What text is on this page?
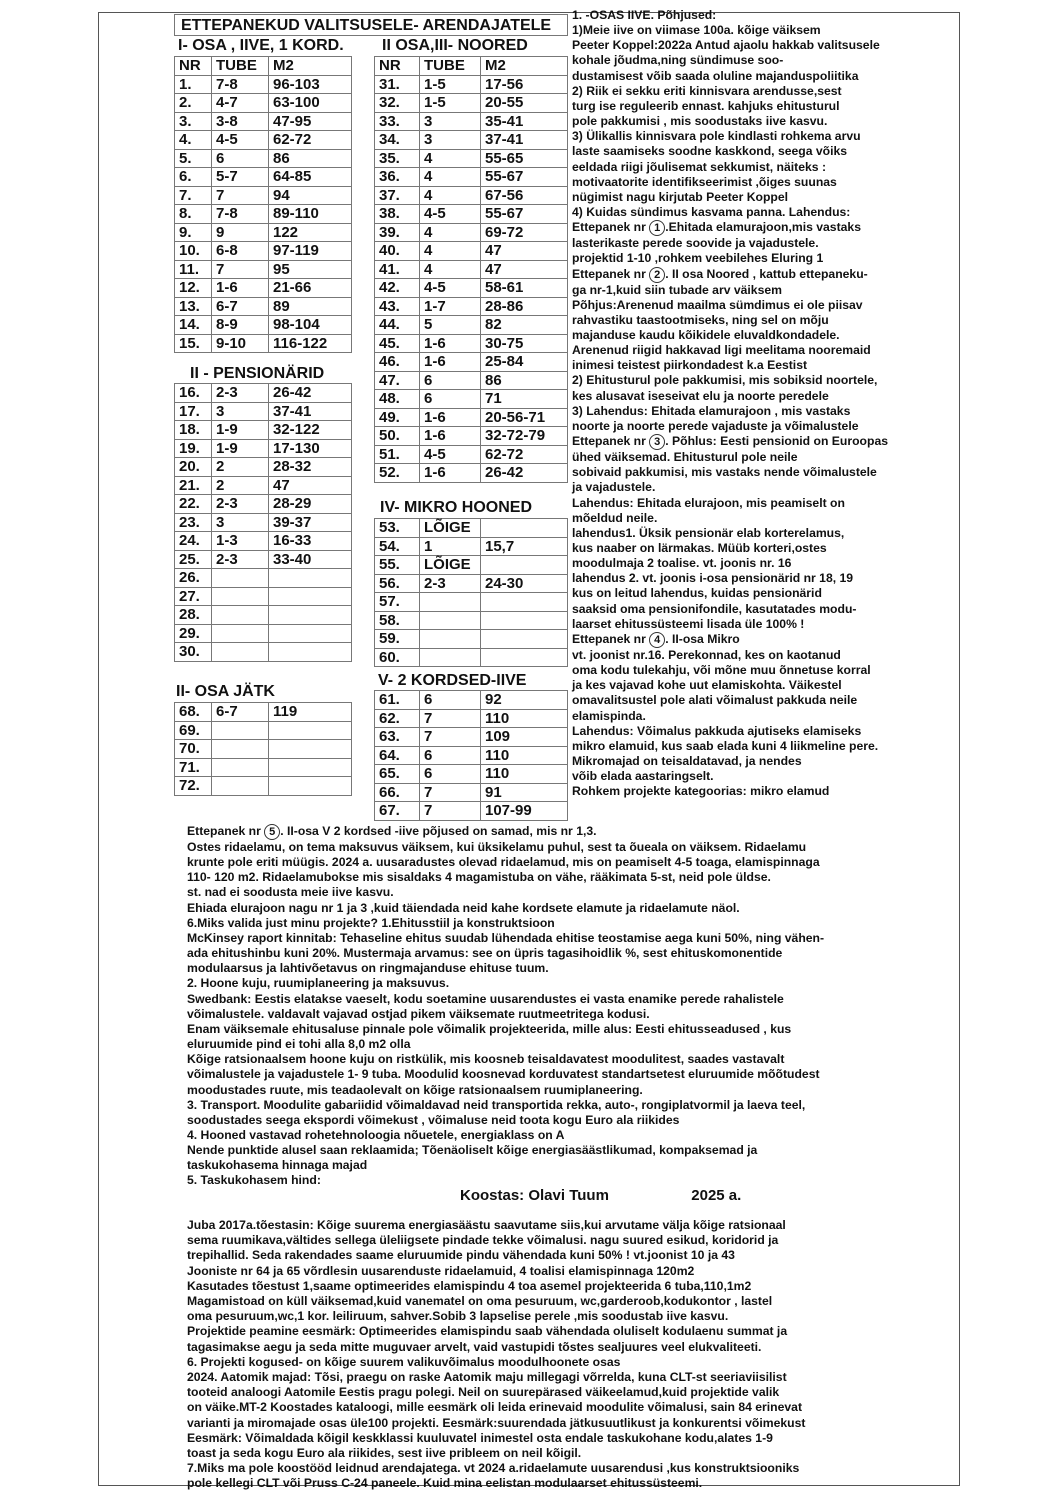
ETTEPANEKUD VALITSUSELE- ARENDAJATELE
I- OSA , IIVE, 1 KORD. II OSA,III- NOORED
NR	TUBE	M2
1.	7-8	96-103
2.	4-7	63-100
3.	3-8	47-95
4.	4-5	62-72
5.	6	86
6.	5-7	64-85
7.	7	94
8.	7-8	89-110
9.	9	122
10.	6-8	97-119
11.	7	95
12.	1-6	21-66
13.	6-7	89
14.	8-9	98-104
15.	9-10	116-122
II - PENSIONÄRID
16.	2-3	26-42
17.	3	37-41
18.	1-9	32-122
19.	1-9	17-130
20.	2	28-32
21.	2	47
22.	2-3	28-29
23.	3	39-37
24.	1-3	16-33
25.	2-3	33-40
26.		
27.		
28.		
29.		
30.		
II- OSA JÄTK
68.	6-7	119
69.		
70.		
71.		
72.		
NR	TUBE	M2
31.	1-5	17-56
32.	1-5	20-55
33.	3	35-41
34.	3	37-41
35.	4	55-65
36.	4	55-67
37.	4	67-56
38.	4-5	55-67
39.	4	69-72
40.	4	47
41.	4	47
42.	4-5	58-61
43.	1-7	28-86
44.	5	82
45.	1-6	30-75
46.	1-6	25-84
47.	6	86
48.	6	71
49.	1-6	20-56-71
50.	1-6	32-72-79
51.	4-5	62-72
52.	1-6	26-42
IV- MIKRO HOONED
53.	LÕIGE	
54.	1	15,7
55.	LÕIGE	
56.	2-3	24-30
57.		
58.		
59.		
60.		
V- 2 KORDSED-IIVE
61.	6	92
62.	7	110
63.	7	109
64.	6	110
65.	6	110
66.	7	91
67.	7	107-99
1. -OSAS IIVE. Põhjused:
1)Meie iive on viimase 100a. kõige väiksem
Peeter Koppel:2022a Antud ajaolu hakkab valitsusele
kohale jõudma,ning sündimuse soo-
dustamisest võib saada oluline majanduspoliitika
2) Riik ei sekku eriti kinnisvara arendusse,sest
turg ise reguleerib ennast. kahjuks ehitusturul
pole pakkumisi , mis soodustaks iive kasvu.
3) Ülikallis kinnisvara pole kindlasti rohkema arvu
laste saamiseks soodne kaskkond, seega võiks
eeldada riigi jõulisemat sekkumist, näiteks :
motivaatorite identifikseerimist ,õiges suunas
nügimist nagu kirjutab Peeter Koppel
4) Kuidas sündimus kasvama panna. Lahendus:
Ettepanek nr 1 .Ehitada elamurajoon,mis vastaks
lasterikaste perede soovide ja vajadustele.
projektid 1-10 ,rohkem veebilehes Eluring 1
Ettepanek nr 2 . II osa Noored , kattub ettepaneku-
ga nr-1,kuid siin tubade arv väiksem
Põhjus:Arenenud maailma sümdimus ei ole piisav
rahvastiku taastootmiseks, ning sel on mõju
majanduse kaudu kõikidele eluvaldkondadele.
Arenenud riigid hakkavad ligi meelitama nooremaid
inimesi teistest piirkondadest k.a Eestist
2) Ehitusturul pole pakkumisi, mis sobiksid noortele,
kes alusavat iseseivat elu ja noorte peredele
3) Lahendus: Ehitada elamurajoon , mis vastaks
noorte ja noorte perede vajaduste ja võimalustele
Ettepanek nr 3 . Põhlus: Eesti pensionid on Euroopas
ühed väiksemad. Ehitusturul pole neile
sobivaid pakkumisi, mis vastaks nende võimalustele
ja vajadustele.
Lahendus: Ehitada elurajoon, mis peamiselt on
mõeldud neile.
lahendus1. Üksik pensionär elab korterelamus,
kus naaber on lärmakas. Müüb korteri,ostes
moodulmaja 2 toalise. vt. joonis nr. 16
lahendus 2. vt. joonis i-osa pensionärid nr 18, 19
kus on leitud lahendus, kuidas pensionärid
saaksid oma pensionifondile, kasutatades modu-
laarset ehitussüsteemi lisada üle 100% !
Ettepanek nr 4 . II-osa Mikro
vt. joonist nr.16. Perekonnad, kes on kaotanud
oma kodu tulekahju, või mõne muu õnnetuse korral
ja kes vajavad kohe uut elamiskohta. Väikestel
omavalitsustel pole alati võimalust pakkuda neile
elamispinda.
Lahendus: Võimalus pakkuda ajutiseks elamiseks
mikro elamuid, kus saab elada kuni 4 liikmeline pere.
Mikromajad on teisaldatavad, ja nendes
võib elada aastaringselt.
Rohkem projekte kategoorias: mikro elamud
Ettepanek nr 5 . II-osa V 2 kordsed -iive põjused on samad, mis nr 1,3.
Ostes ridaelamu, on tema maksuvus väiksem, kui üksikelamu puhul, sest ta õueala on väiksem. Ridaelamu
krunte pole eriti müügis. 2024 a. uusaradustes olevad ridaelamud, mis on peamiselt 4-5 toaga, elamispinnaga
110- 120 m2. Ridaelamubokse mis sisaldaks 4 magamistuba on vähe, rääkimata 5-st, neid pole üldse.
st. nad ei soodusta meie iive kasvu.
Ehiada elurajoon nagu nr 1 ja 3 ,kuid täiendada neid kahe kordsete elamute ja ridaelamute näol.
6.Miks valida just minu projekte? 1.Ehitusstiil ja konstruktsioon
McKinsey raport kinnitab: Tehaseline ehitus suudab lühendada ehitise teostamise aega kuni 50%, ning vähen-
ada ehitushinbu kuni 20%. Mustermaja arvamus: see on üpris tagasihoidlik %, sest ehituskomonentide
modulaarsus ja lahtivõetavus on ringmajanduse ehituse tuum.
2. Hoone kuju, ruumiplaneering ja maksuvus.
Swedbank: Eestis elatakse vaeselt, kodu soetamine uusarendustes ei vasta enamike perede rahalistele
võimalustele. valdavalt vajavad ostjad pikem väiksemate ruutmeetritega kodusi.
Enam väiksemale ehitusaluse pinnale pole võimalik projekteerida, mille alus: Eesti ehitusseadused , kus
eluruumide pind ei tohi alla 8,0 m2 olla
Kõige ratsionaalsem hoone kuju on ristkülik, mis koosneb teisaldavatest moodulitest, saades vastavalt
võimalustele ja vajadustele 1- 9 tuba. Moodulid koosnevad korduvatest standartsetest eluruumide mõõtudest
moodustades ruute, mis teadaolevalt on kõige ratsionaalsem ruumiplaneering.
3. Transport. Moodulite gabariidid võimaldavad neid transportida rekka, auto-, rongiplatvormil ja laeva teel,
soodustades seega ekspordi võimekust , võimaluse neid toota kogu Euro ala riikides
4. Hooned vastavad rohetehnoloogia nõuetele, energiaklass on A
Nende punktide alusel saan reklaamida; Tõenäoliselt kõige energiasäästlikumad, kompaksemad ja
taskukohasema hinnaga majad
5. Taskukohasem hind:
Koostas: Olavi Tuum	2025 a.
Juba 2017a.tõestasin: Kõige suurema energiasäästu saavutame siis,kui arvutame välja kõige ratsionaal
sema ruumikava,vältides sellega üleliigsete pindade tekke võimalusi. nagu suured esikud, koridorid ja
trepihallid. Seda rakendades saame eluruumide pindu vähendada kuni 50% ! vt.joonist 10 ja 43
Jooniste nr 64 ja 65 võrdlesin uusarenduste ridaelamuid, 4 toalisi elamispinnaga 120m2
Kasutades tõestust 1,saame optimeerides elamispindu 4 toa asemel projekteerida 6 tuba,110,1m2
Magamistoad on küll väiksemad,kuid vanematel on oma pesuruum, wc,garderoob,kodukontor , lastel
oma pesuruum,wc,1 kor. leiliruum, sahver.Sobib 3 lapselise perele ,mis soodustab iive kasvu.
Projektide peamine eesmärk: Optimeerides elamispindu saab vähendada oluliselt kodulaenu summat ja
tagasimakse aegu ja seda mitte muguvaer arvelt, vaid vastupidi tõstes sealjuures veel elukvaliteeti.
6. Projekti kogused- on kõige suurem valikuvõimalus moodulhoonete osas
2024. Aatomik majad: Tõsi, praegu on raske Aatomik maju millegagi võrrelda, kuna CLT-st seeriaviisilist
tooteid analoogi Aatomile Eestis pragu polegi. Neil on suurepärased väikeelamud,kuid projektide valik
on väike.MT-2 Koostades kataloogi, mille eesmärk oli leida erinevaid moodulite võimalusi, sain 84 erinevat
varianti ja miromajade osas üle100 projekti. Eesmärk:suurendada jätkusuutlikust ja konkurentsi võimekust
Eesmärk: Võimaldada kõigil keskklassi kuuluvatel inimestel osta endale taskukohane kodu,alates 1-9
toast ja seda kogu Euro ala riikides, sest iive pribleem on neil kõigil.
7.Miks ma pole koostööd leidnud arendajatega. vt 2024 a.ridaelamute uusarendusi ,kus konstruktsiooniks
pole kellegi CLT või Pruss C-24 paneele. Kuid mina eelistan modulaarset ehitussüsteemi.
